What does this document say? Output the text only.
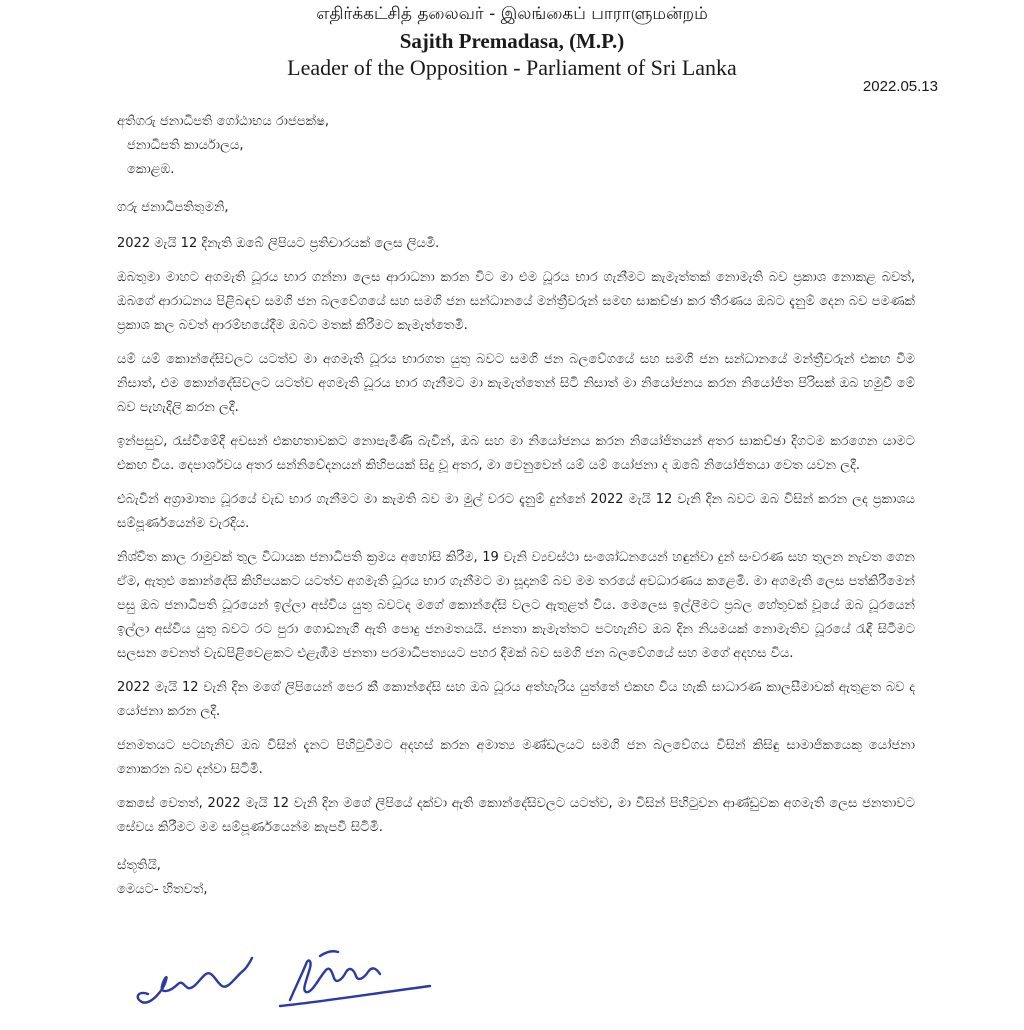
எதிர்க்கட்சித் தலைவர் - இலங்கைப் பாராளுமன்றம்
Sajith Premadasa, (M.P.)
Leader of the Opposition - Parliament of Sri Lanka
2022.05.13
අතිගරු ජනාධිපති ගෝඨාභය රාජපක්ෂ,
ජනාධිපති කාර්යාලය,
කොළඹ.
ගරු ජනාධිපතිතුමනි,

2022 මැයි 12 දිනැති ඔබේ ලිපියට ප්‍රතිචාරයක් ලෙස ලියමි.

ඔබතුමා මාහට අගමැති ධූරය භාර ගන්නා ලෙස ආරාධනා කරන විට මා එම ධූරය භාර ගැනීමට කැමැත්තක් නොමැති බව ප්‍රකාශ නොකළ බවත්, ඔබගේ ආරාධනය පිළිබඳව සමගි ජන බලවේගයේ සහ සමගි ජන සන්ධානයේ මන්ත්‍රීවරුන් සමඟ සාකච්ඡා කර තීරණය ඔබට දැනුම් දෙන බව පමණක් ප්‍රකාශ කල බවත් ආරම්භයේදීම ඔබට මතක් කිරීමට කැමැත්තෙමි.

යම් යම් කොන්දේසිවලට යටත්ව මා අගමැති ධූරය භාරගත යුතු බවට සමගි ජන බලවේගයේ සහ සමගි ජන සන්ධානයේ මන්ත්‍රීවරුන් එකඟ වීම නිසාත්, එම කොන්දේසිවලට යටත්ව අගමැති ධූරය භාර ගැනීමට මා කැමැත්තෙන් සිටි නිසාත් මා නියෝජනය කරන නියෝජිත පිරිසක් ඔබ හමුවී මේ බව පැහැදිලි කරන ලදී.

ඉන්පසුව, රැස්වීමේදී අවසන් එකඟතාවකට නොපැමිණි බැවින්, ඔබ සහ මා නියෝජනය කරන නියෝජිතයන් අතර සාකච්ඡා දිගටම කරගෙන යාමට එකඟ විය. දෙපාර්ශවය අතර සන්නිවේදනයන් කිහිපයක් සිදු වූ අතර, මා වෙනුවෙන් යම් යම් යෝජනා ද ඔබේ නියෝජිතයා වෙත යවන ලදී.

එබැවින් අග්‍රාමාත්‍ය ධූරයේ වැඩ භාර ගැනීමට මා කැමති බව මා මුල් වරට දැනුම් දුන්නේ 2022 මැයි 12 වැනි දින බවට ඔබ විසින් කරන ලද ප්‍රකාශය සම්පූර්ණයෙන්ම වැරදිය.

නිශ්චිත කාල රාමුවක් තුල විධායක ජනාධිපති ක්‍රමය අහෝසි කිරීම, 19 වැනි ව්‍යවස්ථා සංශෝධනයෙන් හඳුන්වා දුන් සංවරණ සහ තුලන නැවත ගෙන ඒම, ඇතුළු කොන්දේසි කිහිපයකට යටත්ව අගමැති ධූරය භාර ගැනීමට මා සූදානම් බව මම තරයේ අවධාරණය කළෙමි. මා අගමැති ලෙස පත්කිරීමෙන් පසු ඔබ ජනාධිපති ධූරයෙන් ඉල්ලා අස්විය යුතු බවටද මගේ කොන්දේසි වලට ඇතුළත් විය. මෙලෙස ඉල්ලීමට ප්‍රබල හේතුවක් වූයේ ඔබ ධූරයෙන් ඉල්ලා අස්විය යුතු බවට රට පුරා ගොඩනැගී ඇති පොදු ජනමතයයි. ජනතා කැමැත්තට පටහැනිව ඔබ දින නියමයක් නොමැතිව ධූරයේ රැඳී සිටීමට සලසන වෙනත් වැඩපිළිවෙළකට එළැඹීම ජනතා පරමාධිපත්‍යයට පහර දීමක් බව සමගි ජන බලවේගයේ සහ මගේ අදහස විය.

2022 මැයි 12 වැනි දින මගේ ලිපියෙන් පෙර කී කොන්දේසි සහ ඔබ ධූරය අත්හැරිය යුත්තේ එකඟ විය හැකි සාධාරණ කාලසීමාවක් ඇතුළත බව ද යෝජනා කරන ලදී.

ජනමතයට පටහැනිව ඔබ විසින් දැනට පිහිටුවීමට අදහස් කරන අමාත්‍ය මණ්ඩලයට සමගි ජන බලවේගය විසින් කිසිඳු සාමාජිකයෙකු යෝජනා නොකරන බව දන්වා සිටිමි.

කෙසේ වෙතත්, 2022 මැයි 12 වැනි දින මගේ ලිපියේ දක්වා ඇති කොන්දේසිවලට යටත්ව, මා විසින් පිහිටුවන ආණ්ඩුවක අගමැති ලෙස ජනතාවට සේවය කිරීමට මම සම්පූර්ණයෙන්ම කැපවී සිටිමි.

ස්තූතියි,
මෙයට- හිතවත්,
